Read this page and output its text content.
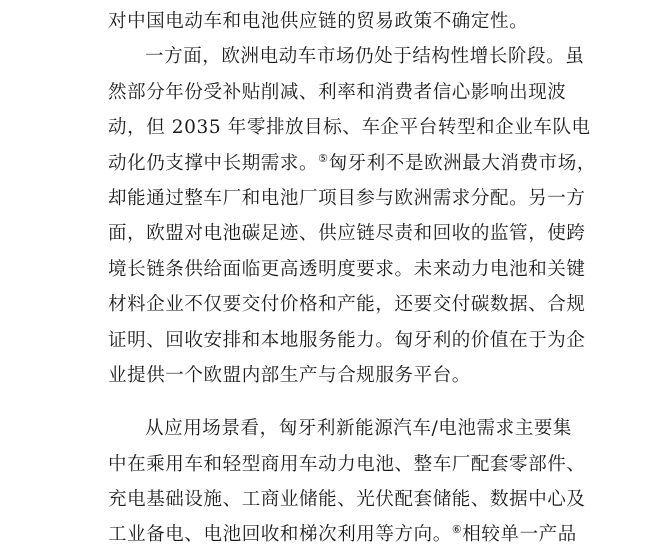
对中国电动车和电池供应链的贸易政策不确定性。
一方面，欧洲电动车市场仍处于结构性增长阶段。虽
然部分年份受补贴削减、利率和消费者信心影响出现波
动，但 2035 年零排放目标、车企平台转型和企业车队电
动化仍支撑中长期需求。⑤匈牙利不是欧洲最大消费市场，
却能通过整车厂和电池厂项目参与欧洲需求分配。另一方
面，欧盟对电池碳足迹、供应链尽责和回收的监管，使跨
境长链条供给面临更高透明度要求。未来动力电池和关键
材料企业不仅要交付价格和产能，还要交付碳数据、合规
证明、回收安排和本地服务能力。匈牙利的价值在于为企
业提供一个欧盟内部生产与合规服务平台。
从应用场景看，匈牙利新能源汽车/电池需求主要集
中在乘用车和轻型商用车动力电池、整车厂配套零部件、
充电基础设施、工商业储能、光伏配套储能、数据中心及
工业备电、电池回收和梯次利用等方向。⑥相较单一产品
